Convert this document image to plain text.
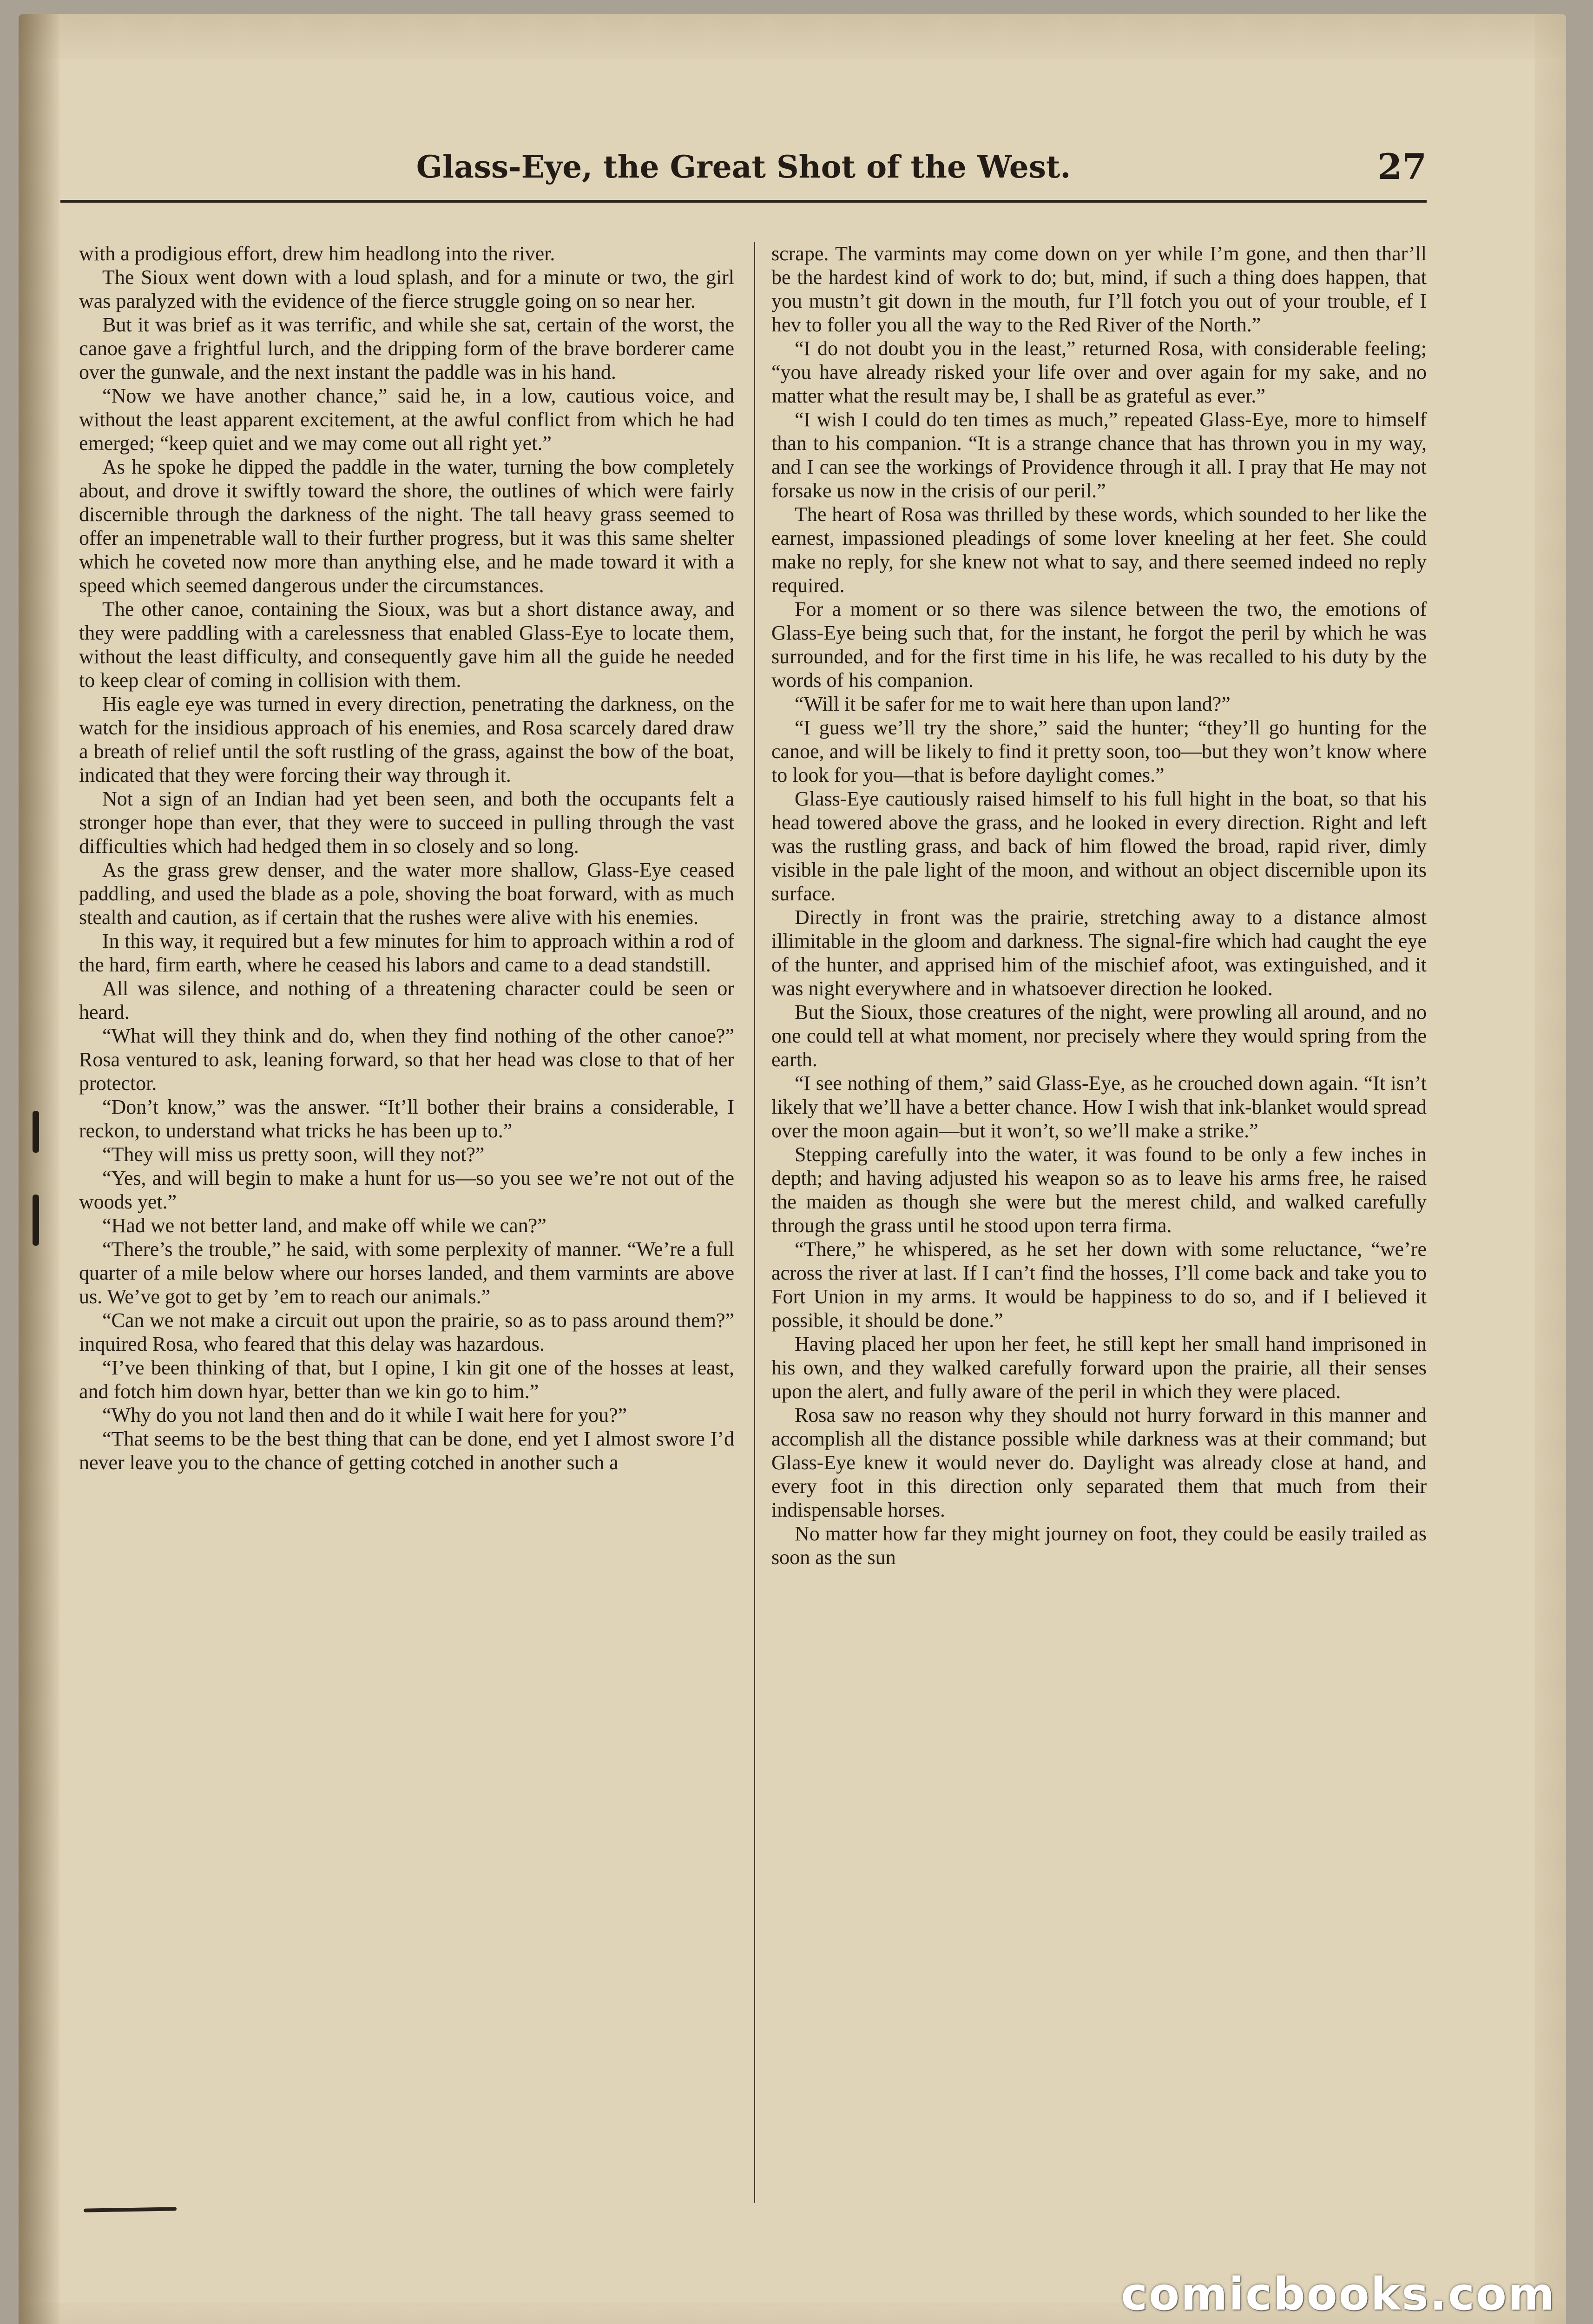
Glass-Eye, the Great Shot of the West.	27

with a prodigious effort, drew him headlong into the river.

The Sioux went down with a loud splash, and for a minute or two, the girl was paralyzed with the evidence of the fierce struggle going on so near her.

But it was brief as it was terrific, and while she sat, certain of the worst, the canoe gave a frightful lurch, and the dripping form of the brave borderer came over the gunwale, and the next instant the paddle was in his hand.

“Now we have another chance,” said he, in a low, cautious voice, and without the least apparent excitement, at the awful conflict from which he had emerged; “keep quiet and we may come out all right yet.”

As he spoke he dipped the paddle in the water, turning the bow completely about, and drove it swiftly toward the shore, the outlines of which were fairly discernible through the darkness of the night. The tall heavy grass seemed to offer an impenetrable wall to their further progress, but it was this same shelter which he coveted now more than anything else, and he made toward it with a speed which seemed dangerous under the circumstances.

The other canoe, containing the Sioux, was but a short distance away, and they were paddling with a carelessness that enabled Glass-Eye to locate them, without the least difficulty, and consequently gave him all the guide he needed to keep clear of coming in collision with them.

His eagle eye was turned in every direction, penetrating the darkness, on the watch for the insidious approach of his enemies, and Rosa scarcely dared draw a breath of relief until the soft rustling of the grass, against the bow of the boat, indicated that they were forcing their way through it.

Not a sign of an Indian had yet been seen, and both the occupants felt a stronger hope than ever, that they were to succeed in pulling through the vast difficulties which had hedged them in so closely and so long.

As the grass grew denser, and the water more shallow, Glass-Eye ceased paddling, and used the blade as a pole, shoving the boat forward, with as much stealth and caution, as if certain that the rushes were alive with his enemies.

In this way, it required but a few minutes for him to approach within a rod of the hard, firm earth, where he ceased his labors and came to a dead standstill.

All was silence, and nothing of a threatening character could be seen or heard.

“What will they think and do, when they find nothing of the other canoe?” Rosa ventured to ask, leaning forward, so that her head was close to that of her protector.

“Don’t know,” was the answer. “It’ll bother their brains a considerable, I reckon, to understand what tricks he has been up to.”

“They will miss us pretty soon, will they not?”

“Yes, and will begin to make a hunt for us—so you see we’re not out of the woods yet.”

“Had we not better land, and make off while we can?”

“There’s the trouble,” he said, with some perplexity of manner. “We’re a full quarter of a mile below where our horses landed, and them varmints are above us. We’ve got to get by ’em to reach our animals.”

“Can we not make a circuit out upon the prairie, so as to pass around them?” inquired Rosa, who feared that this delay was hazardous.

“I’ve been thinking of that, but I opine, I kin git one of the hosses at least, and fotch him down hyar, better than we kin go to him.”

“Why do you not land then and do it while I wait here for you?”

“That seems to be the best thing that can be done, end yet I almost swore I’d never leave you to the chance of getting cotched in another such a

scrape. The varmints may come down on yer while I’m gone, and then thar’ll be the hardest kind of work to do; but, mind, if such a thing does happen, that you mustn’t git down in the mouth, fur I’ll fotch you out of your trouble, ef I hev to foller you all the way to the Red River of the North.”

“I do not doubt you in the least,” returned Rosa, with considerable feeling; “you have already risked your life over and over again for my sake, and no matter what the result may be, I shall be as grateful as ever.”

“I wish I could do ten times as much,” repeated Glass-Eye, more to himself than to his companion. “It is a strange chance that has thrown you in my way, and I can see the workings of Providence through it all. I pray that He may not forsake us now in the crisis of our peril.”

The heart of Rosa was thrilled by these words, which sounded to her like the earnest, impassioned pleadings of some lover kneeling at her feet. She could make no reply, for she knew not what to say, and there seemed indeed no reply required.

For a moment or so there was silence between the two, the emotions of Glass-Eye being such that, for the instant, he forgot the peril by which he was surrounded, and for the first time in his life, he was recalled to his duty by the words of his companion.

“Will it be safer for me to wait here than upon land?”

“I guess we’ll try the shore,” said the hunter; “they’ll go hunting for the canoe, and will be likely to find it pretty soon, too—but they won’t know where to look for you—that is before daylight comes.”

Glass-Eye cautiously raised himself to his full hight in the boat, so that his head towered above the grass, and he looked in every direction. Right and left was the rustling grass, and back of him flowed the broad, rapid river, dimly visible in the pale light of the moon, and without an object discernible upon its surface.

Directly in front was the prairie, stretching away to a distance almost illimitable in the gloom and darkness. The signal-fire which had caught the eye of the hunter, and apprised him of the mischief afoot, was extinguished, and it was night everywhere and in whatsoever direction he looked.

But the Sioux, those creatures of the night, were prowling all around, and no one could tell at what moment, nor precisely where they would spring from the earth.

“I see nothing of them,” said Glass-Eye, as he crouched down again. “It isn’t likely that we’ll have a better chance. How I wish that ink-blanket would spread over the moon again—but it won’t, so we’ll make a strike.”

Stepping carefully into the water, it was found to be only a few inches in depth; and having adjusted his weapon so as to leave his arms free, he raised the maiden as though she were but the merest child, and walked carefully through the grass until he stood upon terra firma.

“There,” he whispered, as he set her down with some reluctance, “we’re across the river at last. If I can’t find the hosses, I’ll come back and take you to Fort Union in my arms. It would be happiness to do so, and if I believed it possible, it should be done.”

Having placed her upon her feet, he still kept her small hand imprisoned in his own, and they walked carefully forward upon the prairie, all their senses upon the alert, and fully aware of the peril in which they were placed.

Rosa saw no reason why they should not hurry forward in this manner and accomplish all the distance possible while darkness was at their command; but Glass-Eye knew it would never do. Daylight was already close at hand, and every foot in this direction only separated them that much from their indispensable horses.

No matter how far they might journey on foot, they could be easily trailed as soon as the sun

comicbooks.com
